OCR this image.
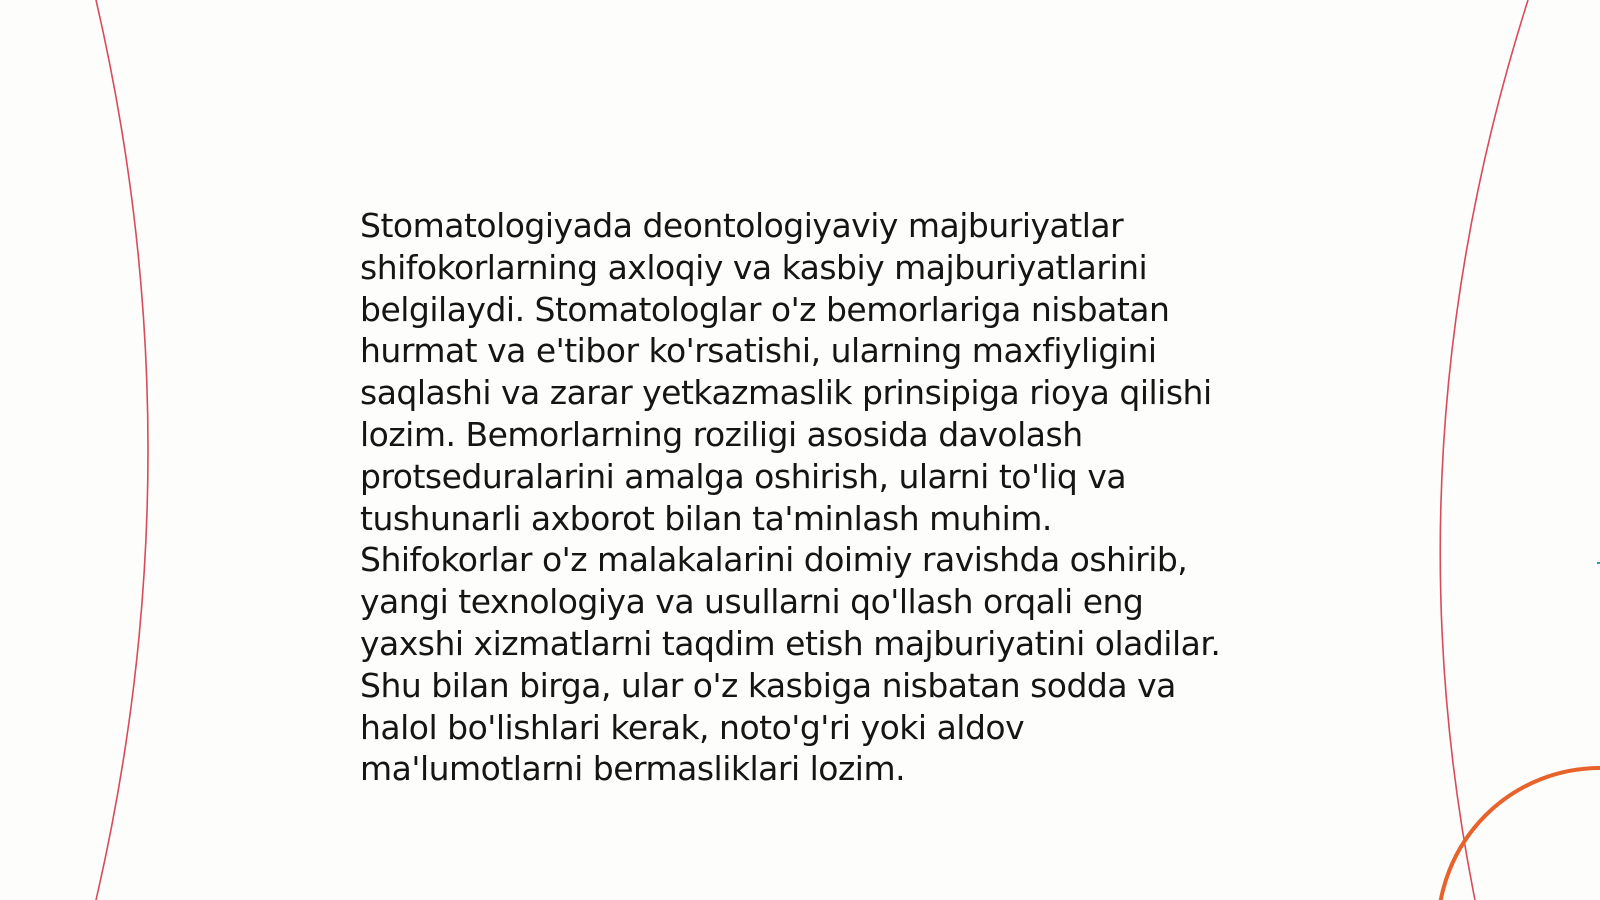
Stomatologiyada deontologiyaviy majburiyatlar
shifokorlarning axloqiy va kasbiy majburiyatlarini
belgilaydi. Stomatologlar o'z bemorlariga nisbatan
hurmat va e'tibor ko'rsatishi, ularning maxfiyligini
saqlashi va zarar yetkazmaslik prinsipiga rioya qilishi
lozim. Bemorlarning roziligi asosida davolash
protseduralarini amalga oshirish, ularni to'liq va
tushunarli axborot bilan ta'minlash muhim.
Shifokorlar o'z malakalarini doimiy ravishda oshirib,
yangi texnologiya va usullarni qo'llash orqali eng
yaxshi xizmatlarni taqdim etish majburiyatini oladilar.
Shu bilan birga, ular o'z kasbiga nisbatan sodda va
halol bo'lishlari kerak, noto'g'ri yoki aldov
ma'lumotlarni bermasliklari lozim.
